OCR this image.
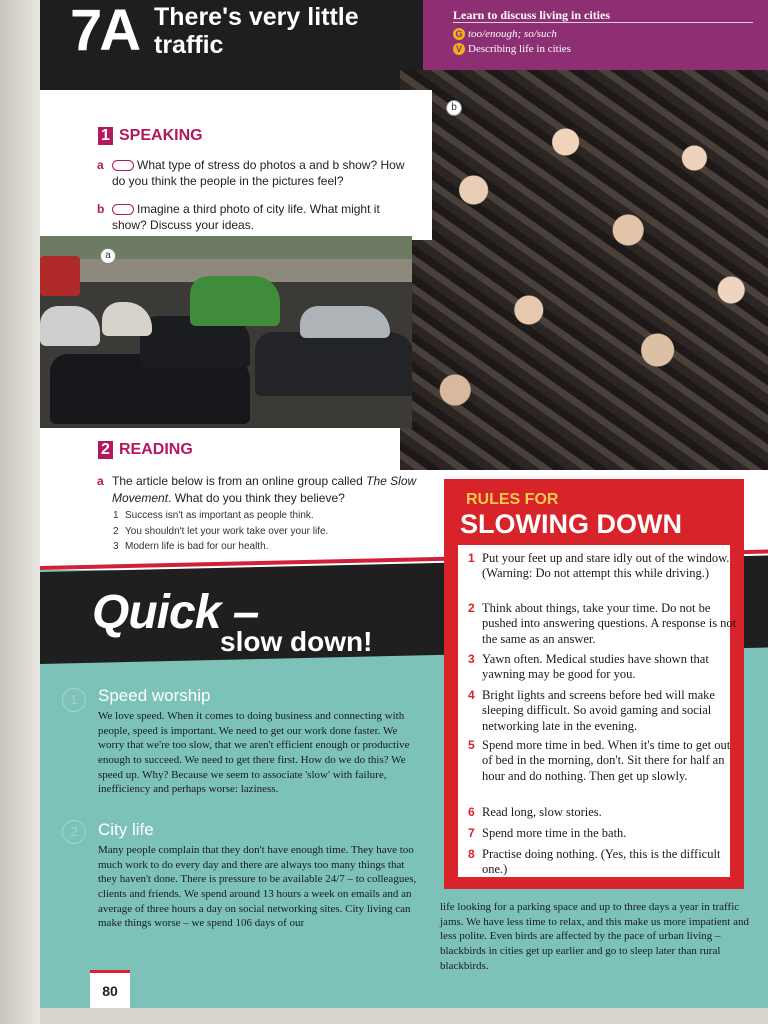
7A There's very little traffic
Learn to discuss living in cities
G too/enough; so/such
V Describing life in cities
b
1 SPEAKING
a	What type of stress do photos a and b show? How do you think the people in the pictures feel?
b	Imagine a third photo of city life. What might it show? Discuss your ideas.
a
2 READING
a The article below is from an online group called The Slow Movement. What do you think they believe?
1 Success isn't as important as people think.
2 You shouldn't let your work take over your life.
3 Modern life is bad for our health.
Quick –
slow down!
1	Speed worship
We love speed. When it comes to doing business and connecting with people, speed is important. We need to get our work done faster. We worry that we're too slow, that we aren't efficient enough or productive enough to succeed. We need to get there first. How do we do this? We speed up. Why? Because we seem to associate 'slow' with failure, inefficiency and perhaps worse: laziness.
2	City life
Many people complain that they don't have enough time. They have too much work to do every day and there are always too many things that they haven't done. There is pressure to be available 24/7 – to colleagues, clients and friends. We spend around 13 hours a week on emails and an average of three hours a day on social networking sites. City living can make things worse – we spend 106 days of our
life looking for a parking space and up to three days a year in traffic jams. We have less time to relax, and this make us more impatient and less polite. Even birds are affected by the pace of urban living – blackbirds in cities get up earlier and go to sleep later than rural blackbirds.
RULES FOR
SLOWING DOWN
1 Put your feet up and stare idly out of the window. (Warning: Do not attempt this while driving.)
2 Think about things, take your time. Do not be pushed into answering questions. A response is not the same as an answer.
3 Yawn often. Medical studies have shown that yawning may be good for you.
4 Bright lights and screens before bed will make sleeping difficult. So avoid gaming and social networking late in the evening.
5 Spend more time in bed. When it's time to get out of bed in the morning, don't. Sit there for half an hour and do nothing. Then get up slowly.
6 Read long, slow stories.
7 Spend more time in the bath.
8 Practise doing nothing. (Yes, this is the difficult one.)
80
